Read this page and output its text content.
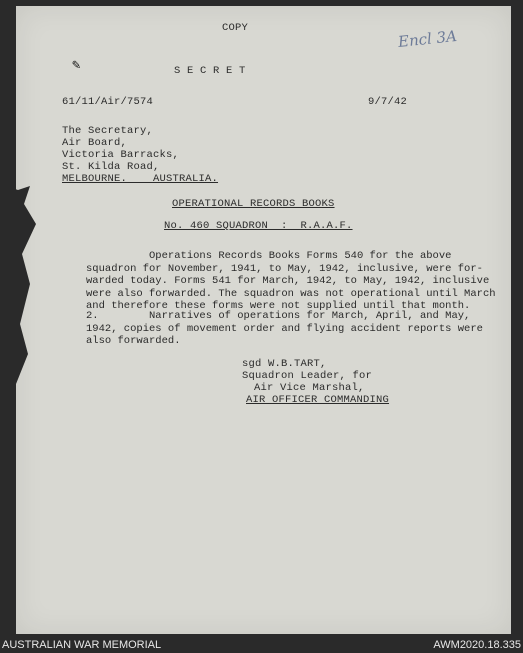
COPY	Encl 3A
✎	S E C R E T
61/11/Air/7574	9/7/42
The Secretary,
Air Board,
Victoria Barracks,
St. Kilda Road,
MELBOURNE.    AUSTRALIA.
OPERATIONAL RECORDS BOOKS
No. 460 SQUADRON  :  R.A.A.F.
Operations Records Books Forms 540 for the above
squadron for November, 1941, to May, 1942, inclusive, were for-
warded today. Forms 541 for March, 1942, to May, 1942, inclusive
were also forwarded. The squadron was not operational until March
and therefore these forms were not supplied until that month.
2.        Narratives of operations for March, April, and May,
1942, copies of movement order and flying accident reports were
also forwarded.
sgd W.B.TART,
Squadron Leader, for
Air Vice Marshal,
AIR OFFICER COMMANDING
AUSTRALIAN WAR MEMORIAL	AWM2020.18.335
